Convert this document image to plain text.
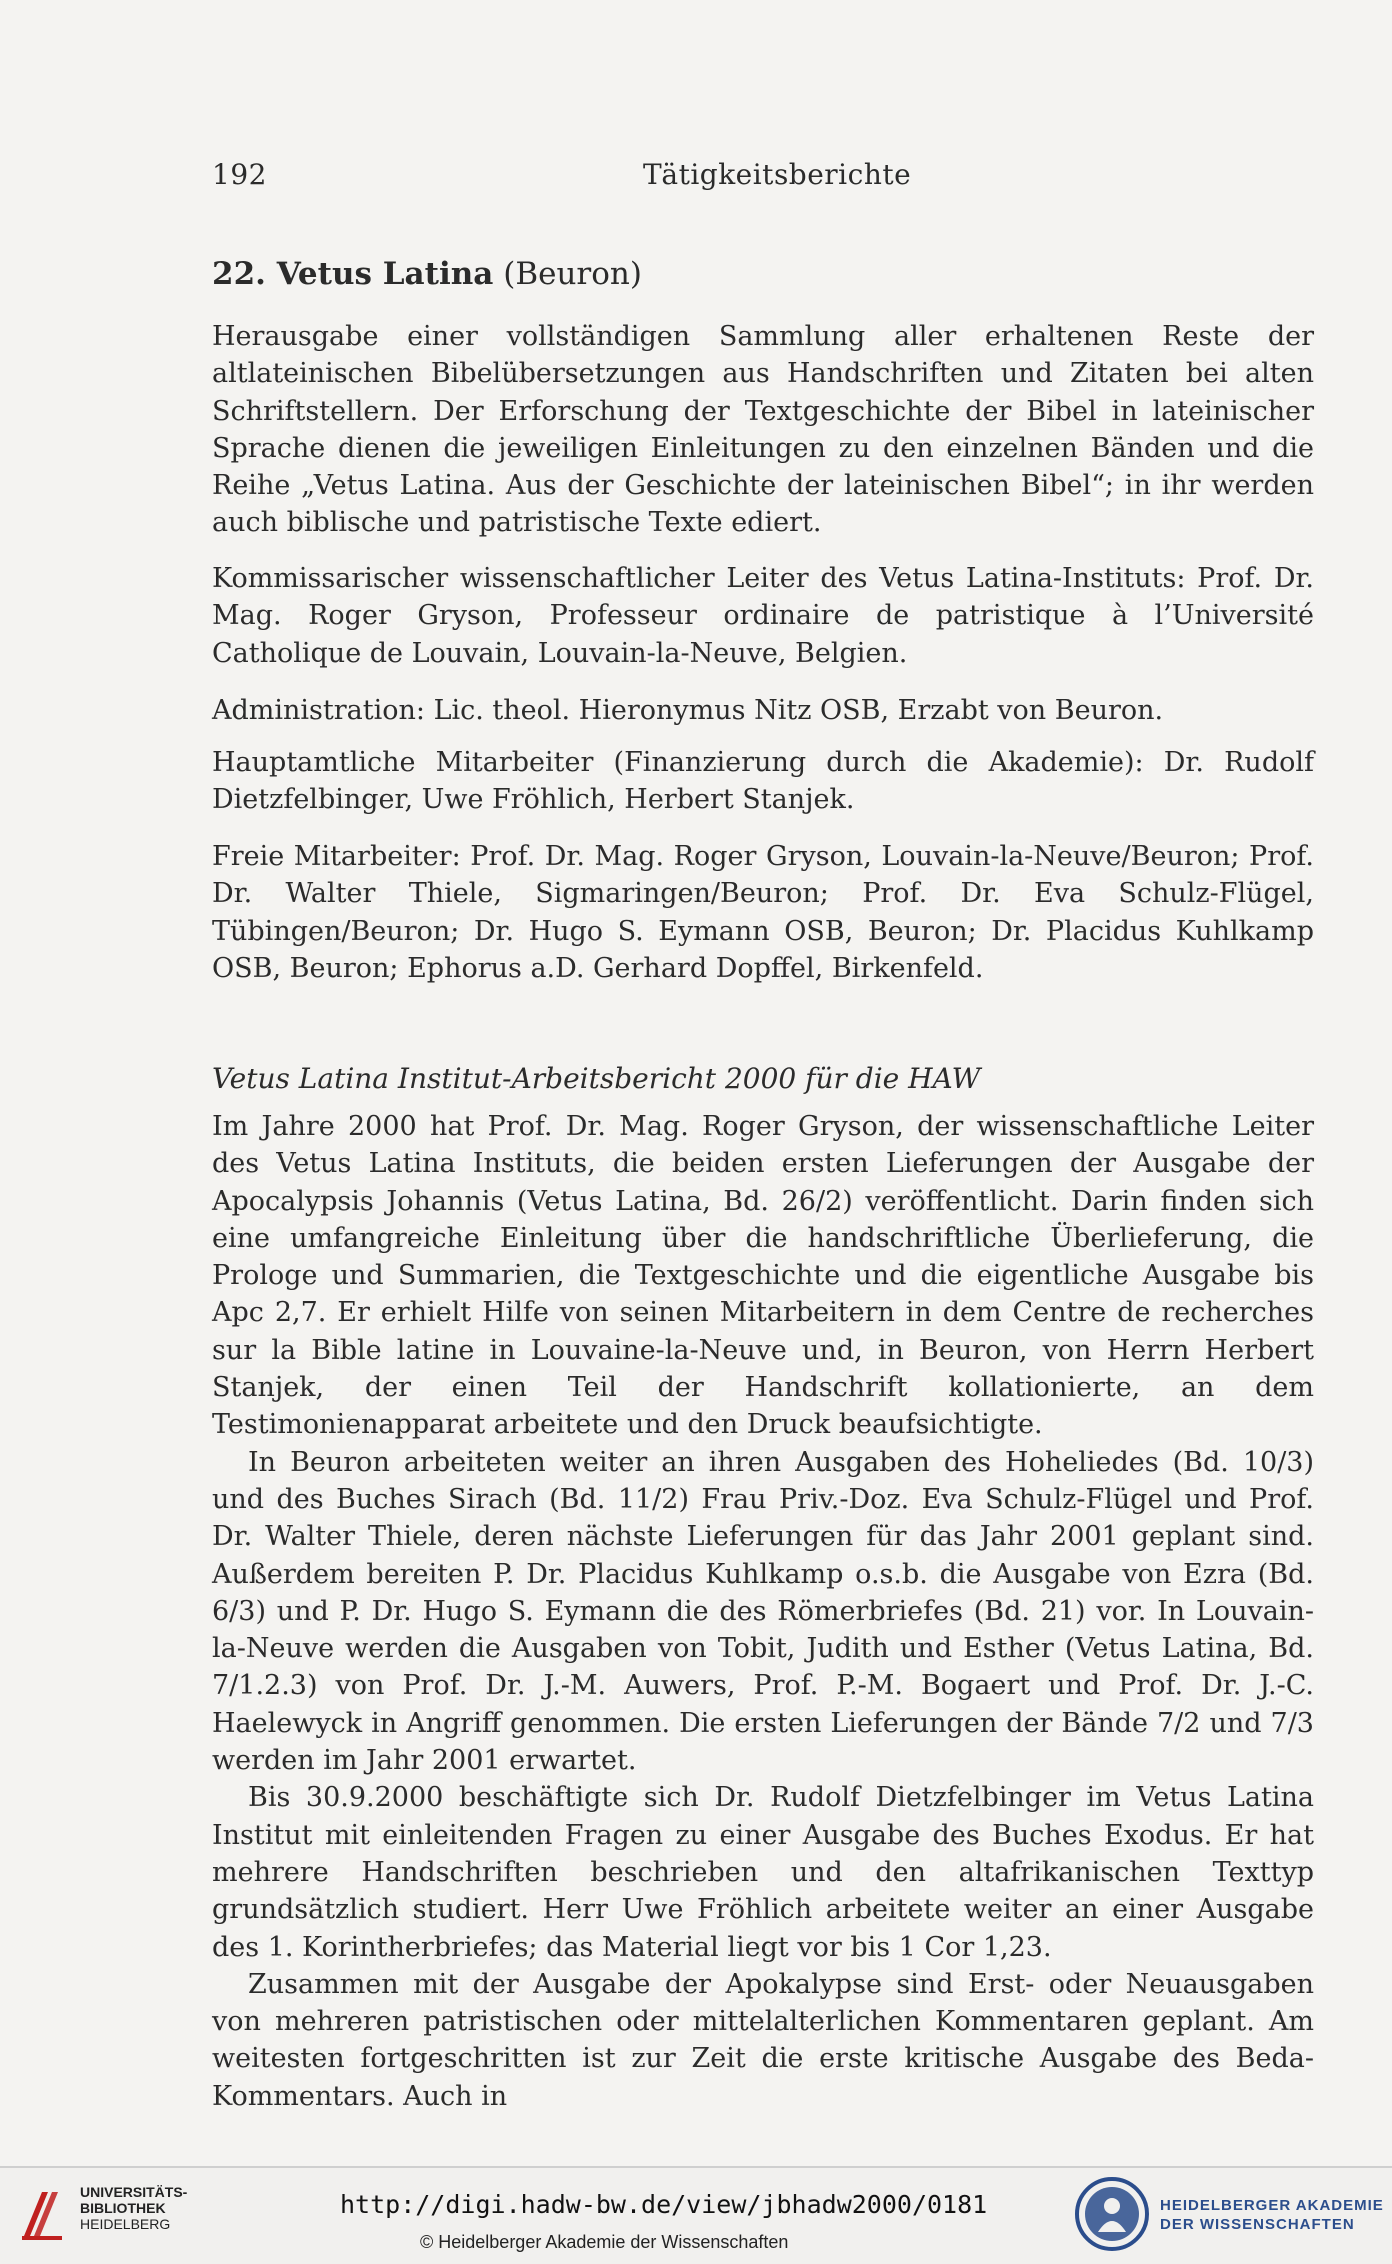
192	Tätigkeitsberichte
22. Vetus Latina (Beuron)

Herausgabe einer vollständigen Sammlung aller erhaltenen Reste der altlateinischen Bibelübersetzungen aus Handschriften und Zitaten bei alten Schriftstellern. Der Erforschung der Textgeschichte der Bibel in lateinischer Sprache dienen die jeweiligen Einleitungen zu den einzelnen Bänden und die Reihe „Vetus Latina. Aus der Geschichte der lateinischen Bibel“; in ihr werden auch biblische und patristische Texte ediert.

Kommissarischer wissenschaftlicher Leiter des Vetus Latina-Instituts: Prof. Dr. Mag. Roger Gryson, Professeur ordinaire de patristique à l’Université Catholique de Louvain, Louvain-la-Neuve, Belgien.

Administration: Lic. theol. Hieronymus Nitz OSB, Erzabt von Beuron.

Hauptamtliche Mitarbeiter (Finanzierung durch die Akademie): Dr. Rudolf Dietzfelbinger, Uwe Fröhlich, Herbert Stanjek.

Freie Mitarbeiter: Prof. Dr. Mag. Roger Gryson, Louvain-la-Neuve/Beuron; Prof. Dr. Walter Thiele, Sigmaringen/Beuron; Prof. Dr. Eva Schulz-Flügel, Tübingen/Beuron; Dr. Hugo S. Eymann OSB, Beuron; Dr. Placidus Kuhlkamp OSB, Beuron; Ephorus a.D. Gerhard Dopffel, Birkenfeld.

Vetus Latina Institut-Arbeitsbericht 2000 für die HAW

Im Jahre 2000 hat Prof. Dr. Mag. Roger Gryson, der wissenschaftliche Leiter des Vetus Latina Instituts, die beiden ersten Lieferungen der Ausgabe der Apocalypsis Johannis (Vetus Latina, Bd. 26/2) veröffentlicht. Darin finden sich eine umfangreiche Einleitung über die handschriftliche Überlieferung, die Prologe und Summarien, die Textgeschichte und die eigentliche Ausgabe bis Apc 2,7. Er erhielt Hilfe von seinen Mitarbeitern in dem Centre de recherches sur la Bible latine in Louvaine-la-Neuve und, in Beuron, von Herrn Herbert Stanjek, der einen Teil der Handschrift kollationierte, an dem Testimonienapparat arbeitete und den Druck beaufsichtigte.

In Beuron arbeiteten weiter an ihren Ausgaben des Hoheliedes (Bd. 10/3) und des Buches Sirach (Bd. 11/2) Frau Priv.-Doz. Eva Schulz-Flügel und Prof. Dr. Walter Thiele, deren nächste Lieferungen für das Jahr 2001 geplant sind. Außerdem bereiten P. Dr. Placidus Kuhlkamp o.s.b. die Ausgabe von Ezra (Bd. 6/3) und P. Dr. Hugo S. Eymann die des Römerbriefes (Bd. 21) vor. In Louvain-la-Neuve werden die Ausgaben von Tobit, Judith und Esther (Vetus Latina, Bd. 7/1.2.3) von Prof. Dr. J.-M. Auwers, Prof. P.-M. Bogaert und Prof. Dr. J.-C. Haelewyck in Angriff genommen. Die ersten Lieferungen der Bände 7/2 und 7/3 werden im Jahr 2001 erwartet.

Bis 30.9.2000 beschäftigte sich Dr. Rudolf Dietzfelbinger im Vetus Latina Institut mit einleitenden Fragen zu einer Ausgabe des Buches Exodus. Er hat mehrere Handschriften beschrieben und den altafrikanischen Texttyp grundsätzlich studiert. Herr Uwe Fröhlich arbeitete weiter an einer Ausgabe des 1. Korintherbriefes; das Material liegt vor bis 1 Cor 1,23.

Zusammen mit der Ausgabe der Apokalypse sind Erst- oder Neuausgaben von mehreren patristischen oder mittelalterlichen Kommentaren geplant. Am weitesten fortgeschritten ist zur Zeit die erste kritische Ausgabe des Beda-Kommentars. Auch in

UNIVERSITÄTS-
BIBLIOTHEK
HEIDELBERG
http://digi.hadw-bw.de/view/jbhadw2000/0181
© Heidelberger Akademie der Wissenschaften
HEIDELBERGER AKADEMIE
DER WISSENSCHAFTEN
